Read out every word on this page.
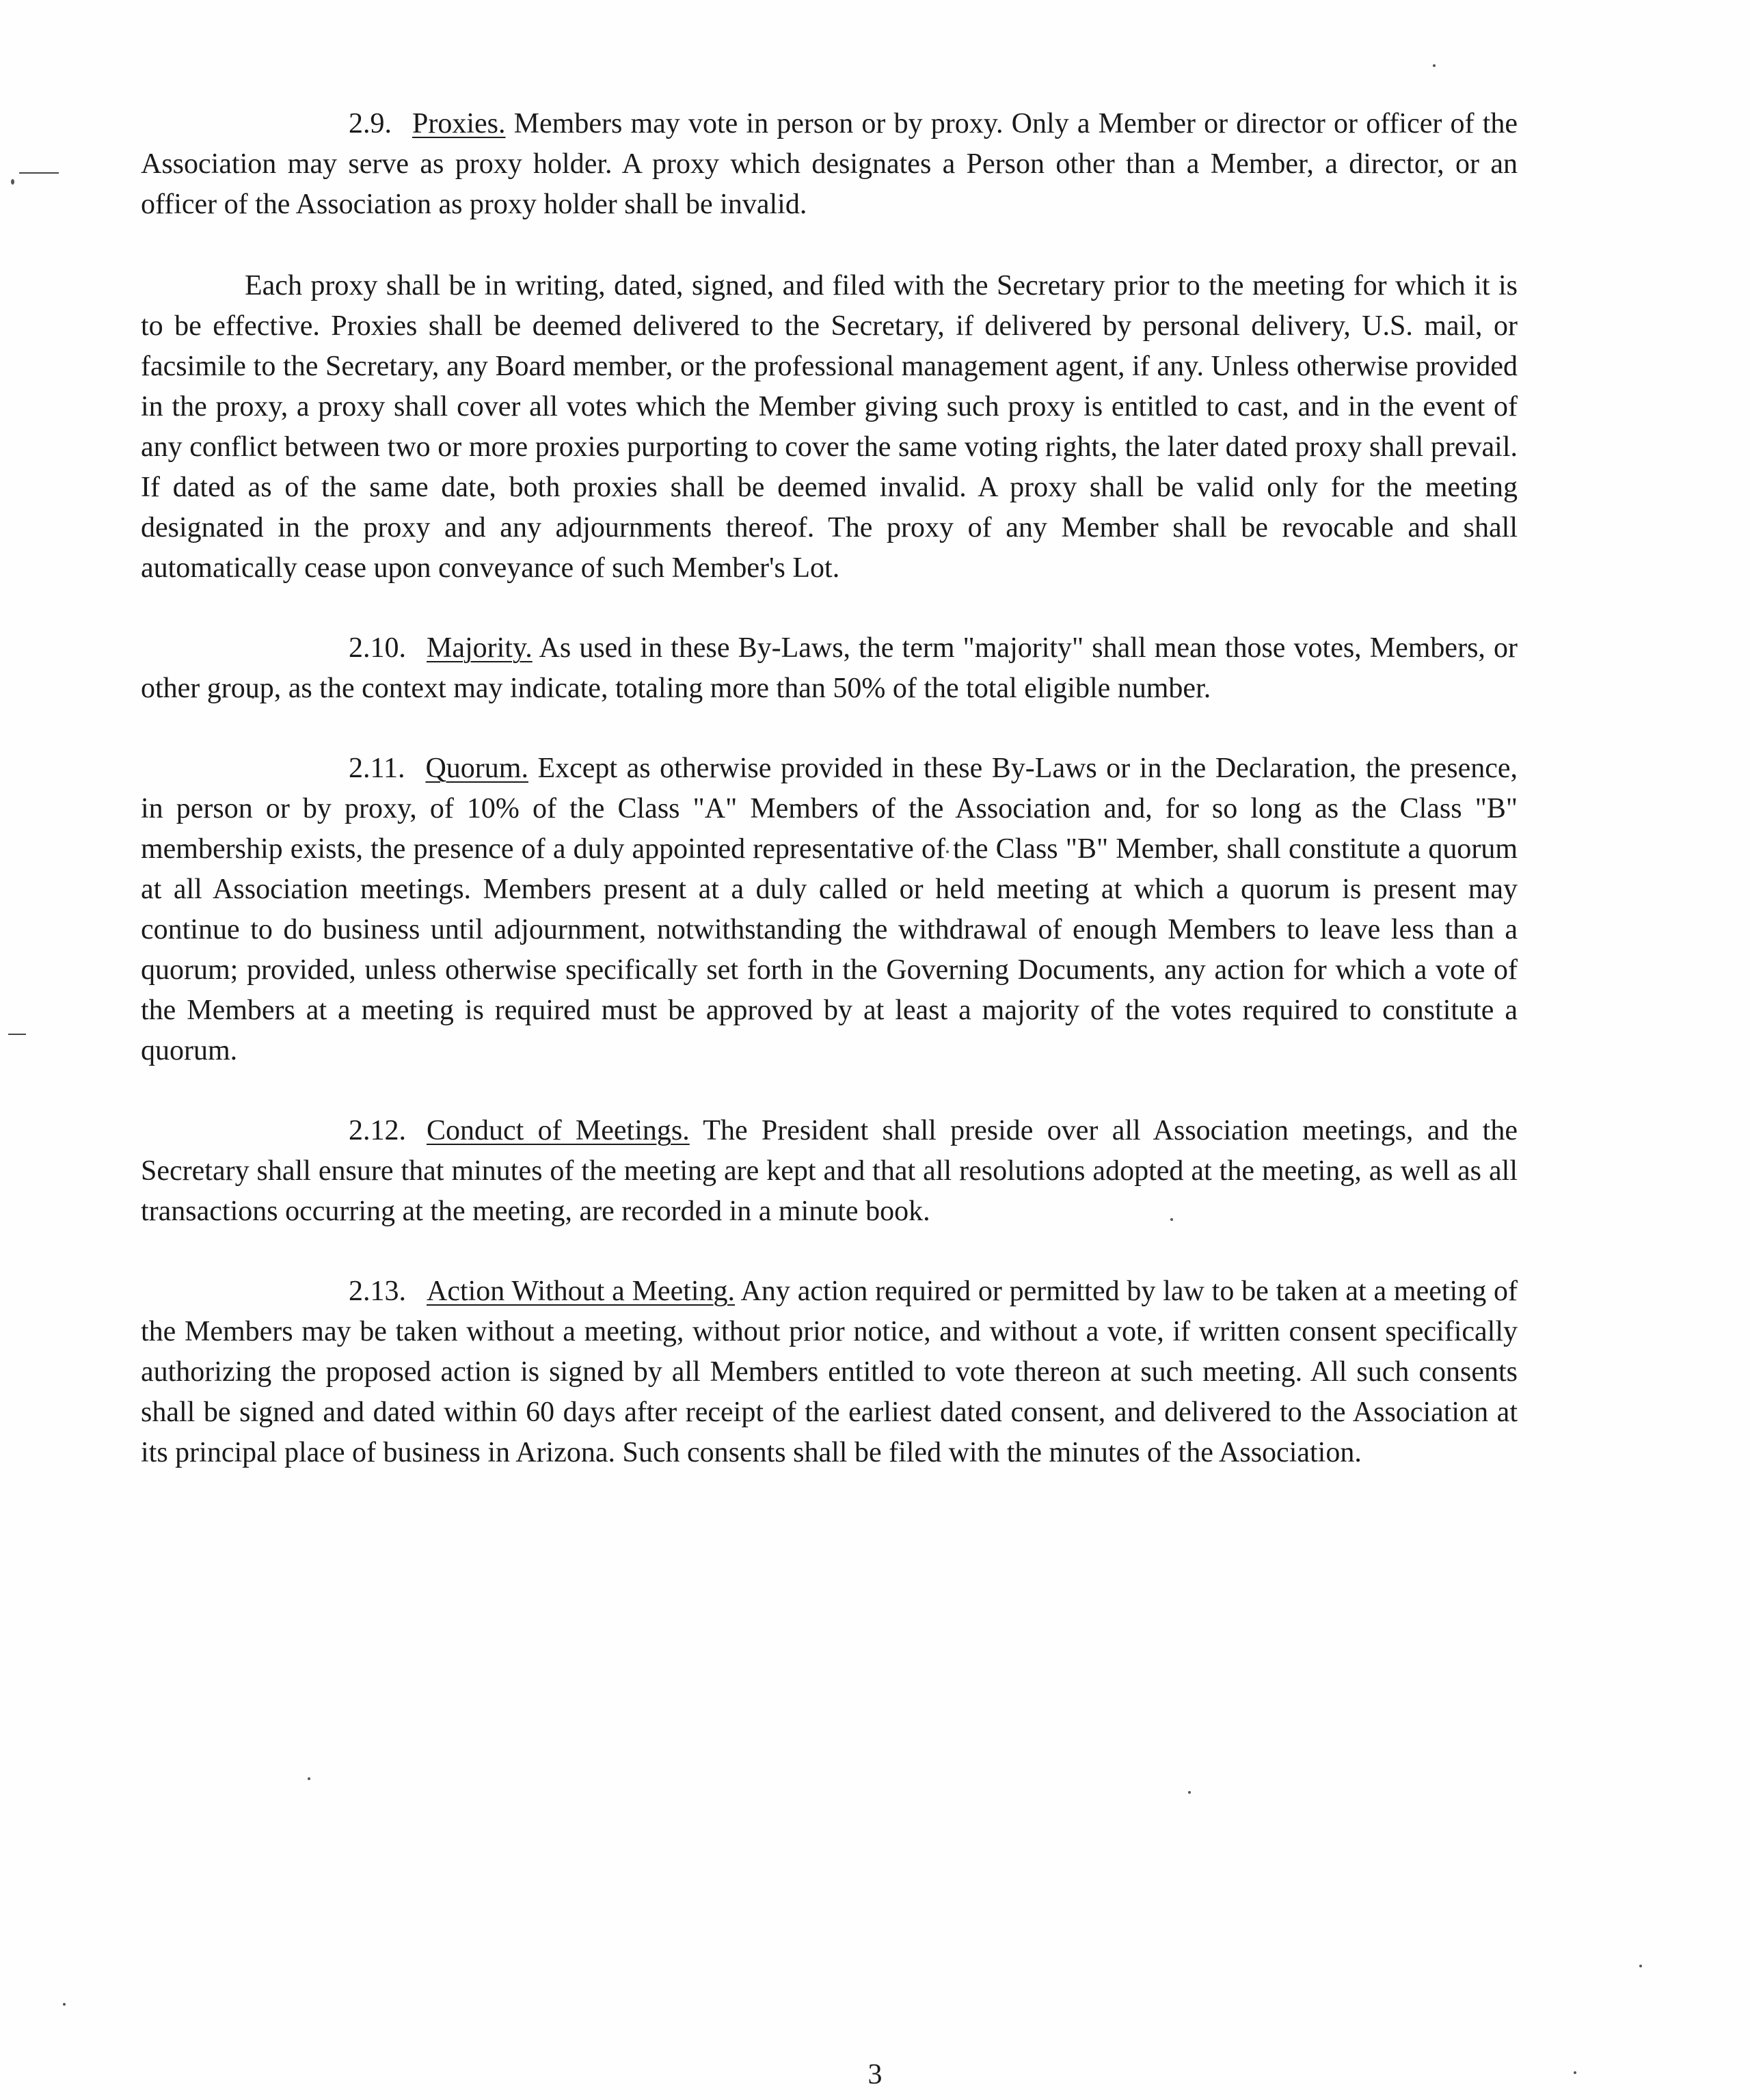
2.9. Proxies. Members may vote in person or by proxy. Only a Member or director or officer of the Association may serve as proxy holder. A proxy which designates a Person other than a Member, a director, or an officer of the Association as proxy holder shall be invalid.

Each proxy shall be in writing, dated, signed, and filed with the Secretary prior to the meeting for which it is to be effective. Proxies shall be deemed delivered to the Secretary, if delivered by personal delivery, U.S. mail, or facsimile to the Secretary, any Board member, or the professional management agent, if any. Unless otherwise provided in the proxy, a proxy shall cover all votes which the Member giving such proxy is entitled to cast, and in the event of any conflict between two or more proxies purporting to cover the same voting rights, the later dated proxy shall prevail. If dated as of the same date, both proxies shall be deemed invalid. A proxy shall be valid only for the meeting designated in the proxy and any adjournments thereof. The proxy of any Member shall be revocable and shall automatically cease upon conveyance of such Member's Lot.

2.10. Majority. As used in these By-Laws, the term "majority" shall mean those votes, Members, or other group, as the context may indicate, totaling more than 50% of the total eligible number.

2.11. Quorum. Except as otherwise provided in these By-Laws or in the Declaration, the presence, in person or by proxy, of 10% of the Class "A" Members of the Association and, for so long as the Class "B" membership exists, the presence of a duly appointed representative of the Class "B" Member, shall constitute a quorum at all Association meetings. Members present at a duly called or held meeting at which a quorum is present may continue to do business until adjournment, notwithstanding the withdrawal of enough Members to leave less than a quorum; provided, unless otherwise specifically set forth in the Governing Documents, any action for which a vote of the Members at a meeting is required must be approved by at least a majority of the votes required to constitute a quorum.

2.12. Conduct of Meetings. The President shall preside over all Association meetings, and the Secretary shall ensure that minutes of the meeting are kept and that all resolutions adopted at the meeting, as well as all transactions occurring at the meeting, are recorded in a minute book.

2.13. Action Without a Meeting. Any action required or permitted by law to be taken at a meeting of the Members may be taken without a meeting, without prior notice, and without a vote, if written consent specifically authorizing the proposed action is signed by all Members entitled to vote thereon at such meeting. All such consents shall be signed and dated within 60 days after receipt of the earliest dated consent, and delivered to the Association at its principal place of business in Arizona. Such consents shall be filed with the minutes of the Association.

3
